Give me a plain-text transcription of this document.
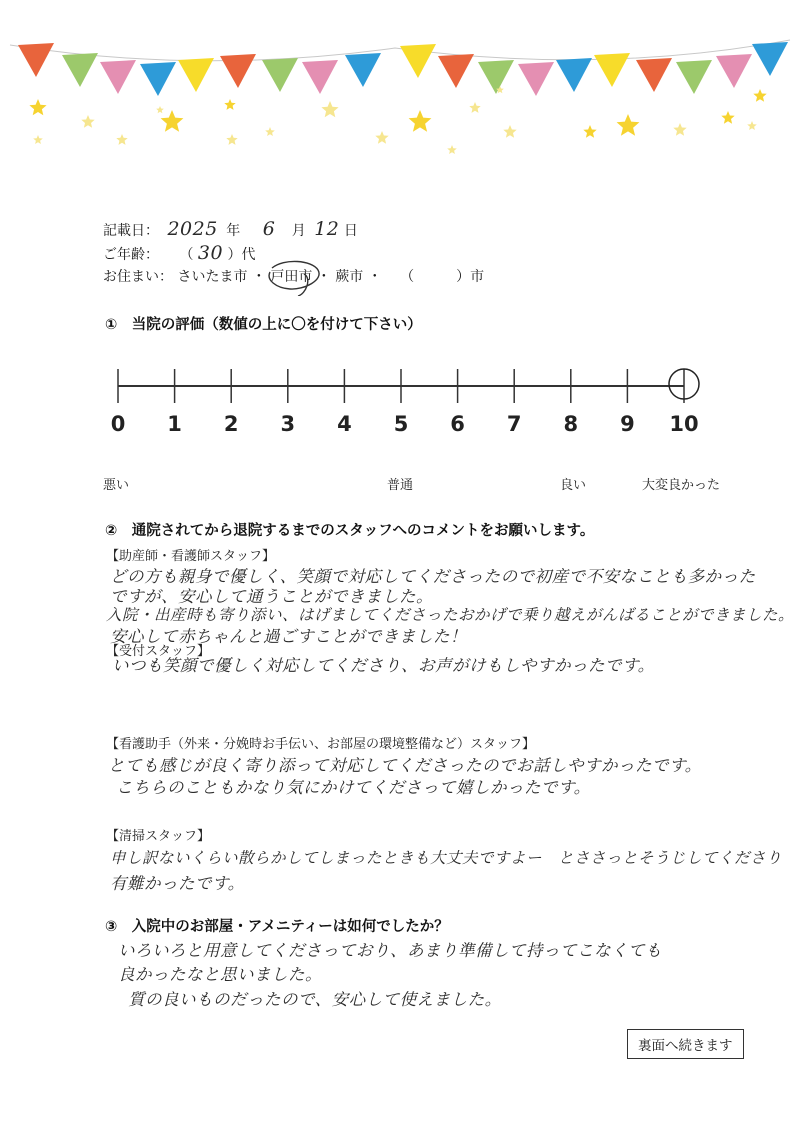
記載日： 2025 年 6 月 12 日
ご年齢： （ 30 ）代
お住まい： さいたま市 ・ 戸田市 ・ 蕨市 ・ （　　　）市
①　当院の評価（数値の上に〇を付けて下さい）
0	1	2	3	4	5	6	7	8	9	10
悪い	普通	良い	大変良かった
②　通院されてから退院するまでのスタッフへのコメントをお願いします。
【助産師・看護師スタッフ】
どの方も親身で優しく、笑顔で対応してくださったので初産で不安なことも多かった
ですが、安心して通うことができました。
入院・出産時も寄り添い、はげましてくださったおかげで乗り越えがんばることができました。
安心して赤ちゃんと過ごすことができました！
【受付スタッフ】
いつも笑顔で優しく対応してくださり、お声がけもしやすかったです。
【看護助手（外来・分娩時お手伝い、お部屋の環境整備など）スタッフ】
とても感じが良く寄り添って対応してくださったのでお話しやすかったです。
こちらのこともかなり気にかけてくださって嬉しかったです。
【清掃スタッフ】
申し訳ないくらい散らかしてしまったときも大丈夫ですよー　とささっとそうじしてくださり
有難かったです。
③　入院中のお部屋・アメニティーは如何でしたか？
いろいろと用意してくださっており、あまり準備して持ってこなくても
良かったなと思いました。
質の良いものだったので、安心して使えました。
裏面へ続きます
